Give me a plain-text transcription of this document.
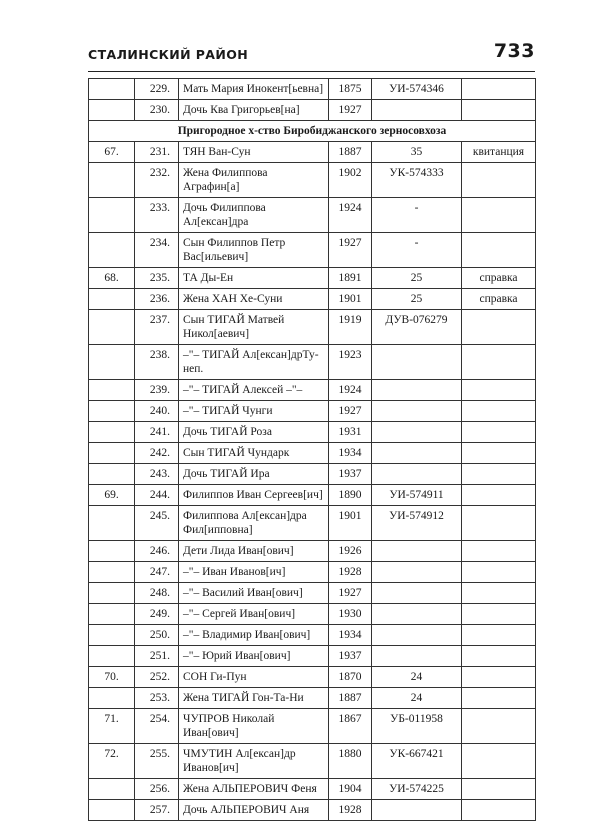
СТАЛИНСКИЙ РАЙОН	733
	229.	Мать Мария Инокент[ьевна]	1875	УИ-574346	
	230.	Дочь Ква Григорьев[на]	1927		
Пригородное х-ство Биробиджанского зерносовхоза					
67.	231.	ТЯН Ван-Сун	1887	35	квитанция
	232.	Жена Филиппова Аграфин[а]	1902	УК-574333	
	233.	Дочь Филиппова Ал[ексан]дра	1924	-	
	234.	Сын Филиппов Петр Вас[ильевич]	1927	-	
68.	235.	ТА Ды-Ен	1891	25	справка
	236.	Жена ХАН Хе-Суни	1901	25	справка
	237.	Сын ТИГАЙ Матвей Никол[аевич]	1919	ДУВ-076279	
	238.	–"– ТИГАЙ Ал[ексан]дрТу-неп.	1923		
	239.	–"– ТИГАЙ Алексей –"–	1924		
	240.	–"– ТИГАЙ Чунги	1927		
	241.	Дочь ТИГАЙ Роза	1931		
	242.	Сын ТИГАЙ Чундарк	1934		
	243.	Дочь ТИГАЙ Ира	1937		
69.	244.	Филиппов Иван Сергеев[ич]	1890	УИ-574911	
	245.	Филиппова Ал[ексан]дра Фил[ипповна]	1901	УИ-574912	
	246.	Дети Лида Иван[ович]	1926		
	247.	–"– Иван Иванов[ич]	1928		
	248.	–"– Василий Иван[ович]	1927		
	249.	–"– Сергей Иван[ович]	1930		
	250.	–"– Владимир Иван[ович]	1934		
	251.	–"– Юрий Иван[ович]	1937		
70.	252.	СОН Ги-Пун	1870	24	
	253.	Жена ТИГАЙ Гон-Та-Ни	1887	24	
71.	254.	ЧУПРОВ Николай Иван[ович]	1867	УБ-011958	
72.	255.	ЧМУТИН Ал[ексан]др Иванов[ич]	1880	УК-667421	
	256.	Жена АЛЬПЕРОВИЧ Феня	1904	УИ-574225	
	257.	Дочь АЛЬПЕРОВИЧ Аня	1928		
